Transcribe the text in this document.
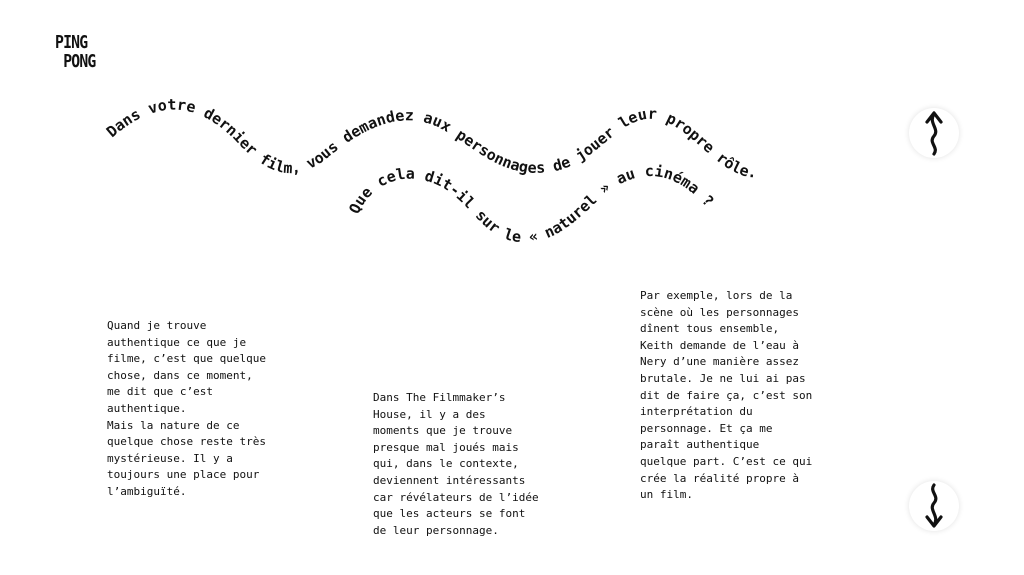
PING
PONG
Dans votre dernier film, vous demandez aux personnages de jouer leur propre rôle.
Que cela dit-il sur le « naturel » au cinéma ?
Quand je trouve
authentique ce que je
filme, c’est que quelque
chose, dans ce moment,
me dit que c’est
authentique.
Mais la nature de ce
quelque chose reste très
mystérieuse. Il y a
toujours une place pour
l’ambiguïté.
Dans The Filmmaker’s
House, il y a des
moments que je trouve
presque mal joués mais
qui, dans le contexte,
deviennent intéressants
car révélateurs de l’idée
que les acteurs se font
de leur personnage.
Par exemple, lors de la
scène où les personnages
dînent tous ensemble,
Keith demande de l’eau à
Nery d’une manière assez
brutale. Je ne lui ai pas
dit de faire ça, c’est son
interprétation du
personnage. Et ça me
paraît authentique
quelque part. C’est ce qui
crée la réalité propre à
un film.
